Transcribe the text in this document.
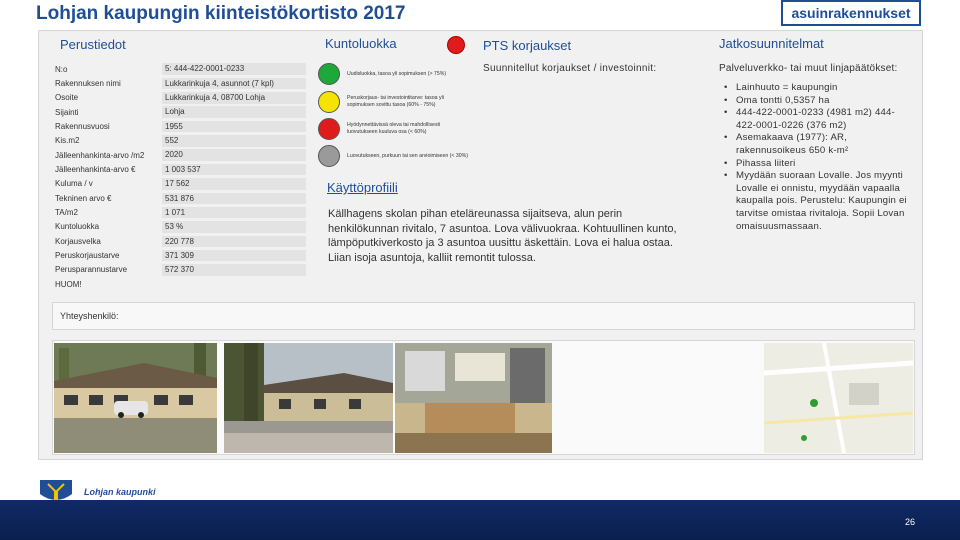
Lohjan kaupungin kiinteistökortisto 2017	asuinrakennukset
Perustiedot	Kuntoluokka	PTS korjaukset	Jatkosuunnitelmat
N:o	5: 444-422-0001-0233
Rakennuksen nimi	Lukkarinkuja 4, asunnot (7 kpl)
Osoite	Lukkarinkuja 4, 08700 Lohja
Sijainti	Lohja
Rakennusvuosi	1955
Kis.m2	552
Jälleenhankinta-arvo /m2	2020
Jälleenhankinta-arvo €	1 003 537
Kuluma / v	17 562
Tekninen arvo €	531 876
TA/m2	1 071
Kuntoluokka	53 %
Korjausvelka	220 778
Peruskorjaustarve	371 309
Perusparannustarve	572 370
HUOM!
Uudisluokka, tasoa yli sopimuksen (> 75%)
Peruskorjaus- tai investointitarve: tasoa yli sopimuksen sovittu tasoa (60% - 75%)
Hyödynnettävissä oleva tai mahdollisesti luovutukseen kuuluva osa (< 60%)
Luovutukseen, purkuun tai sen arvioimiseen (< 30%)
Käyttöprofiili
Källhagens skolan pihan eteläreunassa sijaitseva, alun perin henkilökunnan rivitalo, 7 asuntoa. Lova välivuokraa. Kohtuullinen kunto, lämpöputkiverkosto ja 3 asuntoa uusittu äskettäin. Lova ei halua ostaa. Liian isoja asuntoja, kalliit remontit tulossa.
Suunnitellut korjaukset / investoinnit:	Palveluverkko- tai muut linjapäätökset:
• Lainhuuto = kaupungin
• Oma tontti 0,5357 ha
• 444-422-0001-0233 (4981 m2) 444-422-0001-0226 (376 m2)
• Asemakaava (1977): AR, rakennusoikeus 650 k-m²
• Pihassa liiteri
• Myydään suoraan Lovalle. Jos myynti Lovalle ei onnistu, myydään vapaalla kaupalla pois. Perustelu: Kaupungin ei tarvitse omistaa rivitaloja. Sopii Lovan omaisuusmassaan.
Yhteyshenkilö:
Lohjan kaupunki
26
